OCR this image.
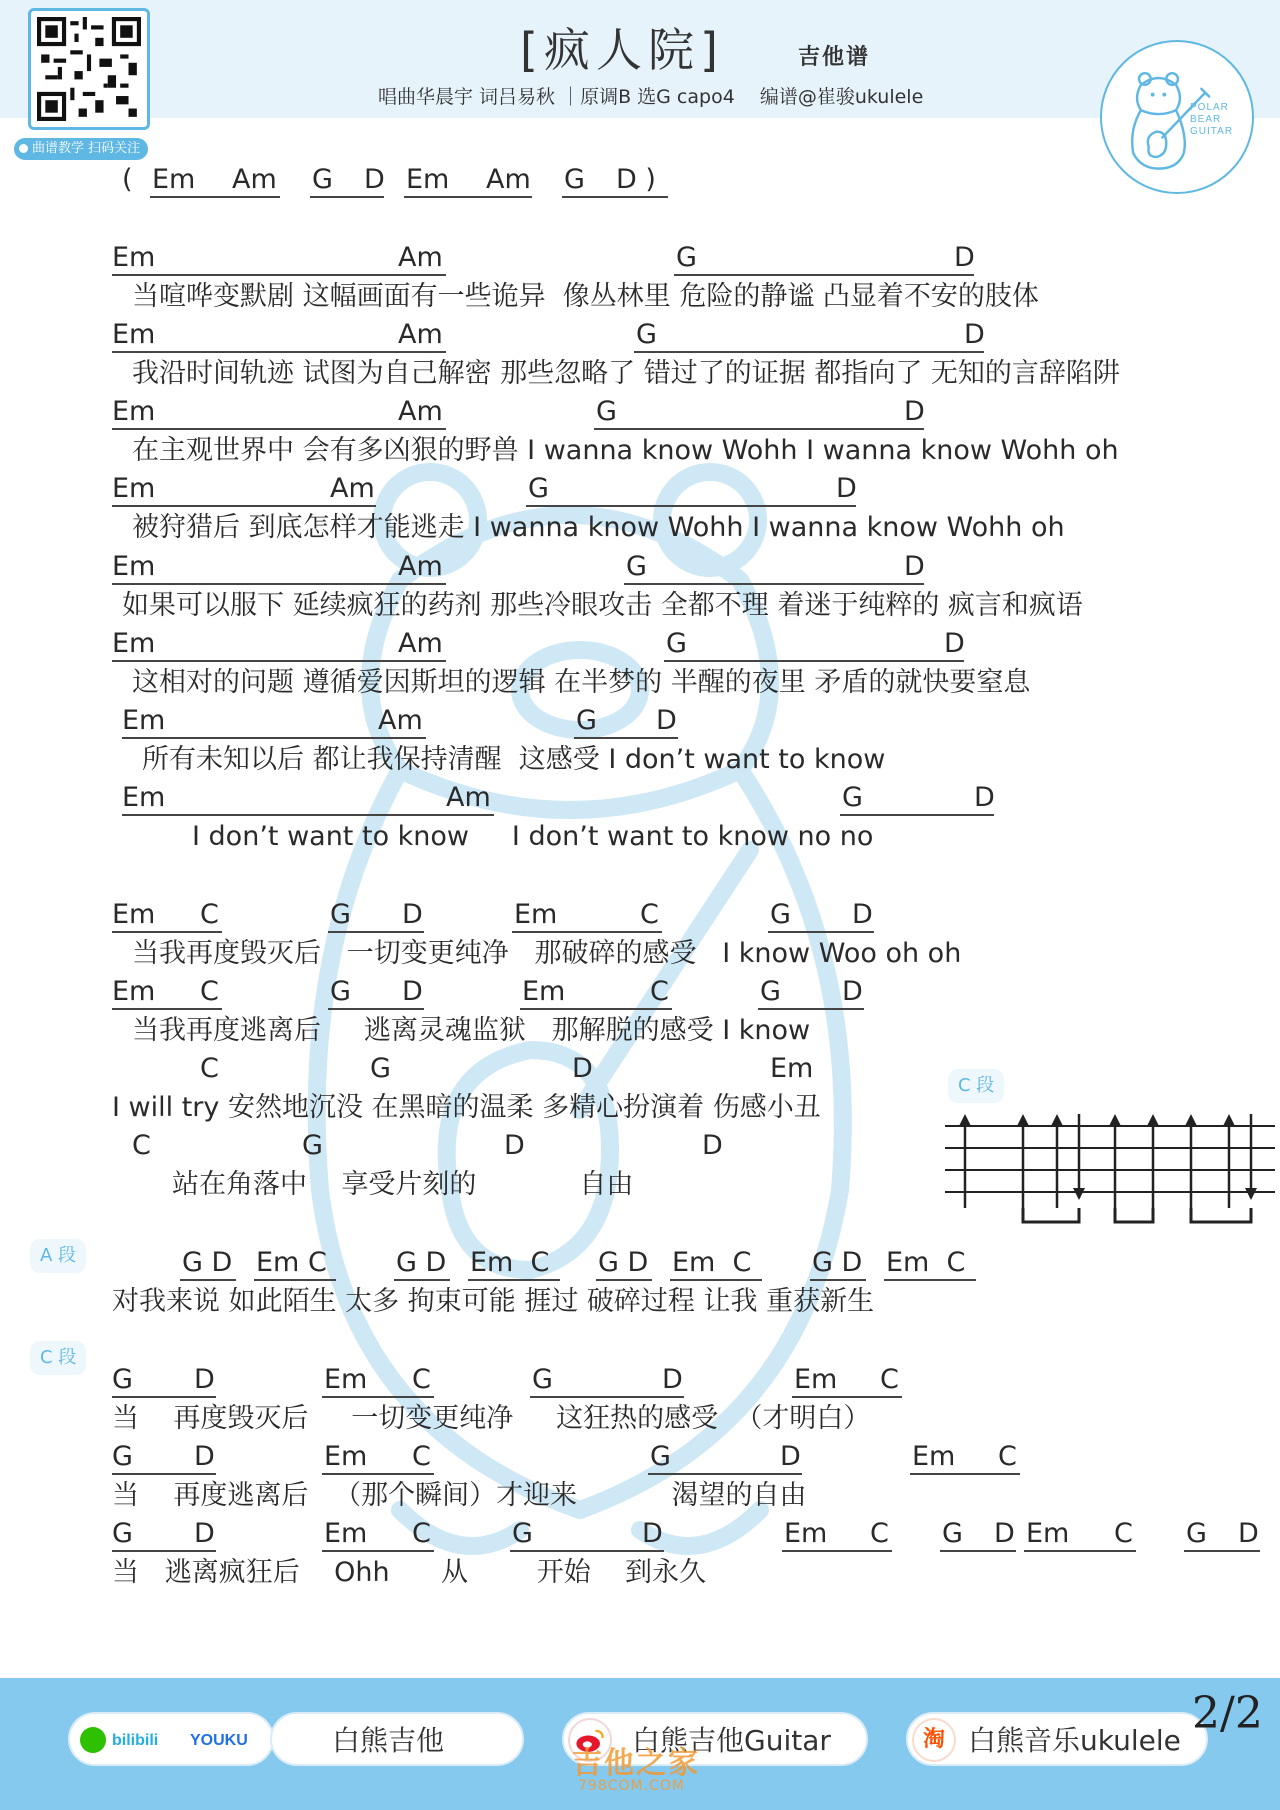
曲谱教学 扫码关注
[疯人院]	吉他谱
唱曲华晨宇 词吕易秋 ｜原调B 选G capo4　 编谱@崔骏ukulele	POLAR
BEAR
GUITAR
C 段
A 段
C 段
( Em Am G D Em Am G D )
Em	Am	G	D
当喧哗变默剧 这幅画面有一些诡异  像丛林里 危险的静谧 凸显着不安的肢体
Em	Am	G	D
我沿时间轨迹 试图为自己解密 那些忽略了 错过了的证据 都指向了 无知的言辞陷阱
Em	Am	G	D
在主观世界中 会有多凶狠的野兽 I wanna know Wohh I wanna know Wohh oh
Em	Am	G	D
被狩猎后 到底怎样才能逃走 I wanna know Wohh I wanna know Wohh oh
Em	Am	G	D
如果可以服下 延续疯狂的药剂 那些冷眼攻击 全都不理 着迷于纯粹的 疯言和疯语
Em	Am	G	D
这相对的问题 遵循爱因斯坦的逻辑 在半梦的 半醒的夜里 矛盾的就快要窒息
Em	Am	G D
所有未知以后 都让我保持清醒  这感受 I don’t want to know
Em	Am	G	D
I don’t want to know     I don’t want to know no no
Em C	G D	Em	C	G D
当我再度毁灭后   一切变更纯净   那破碎的感受   I know Woo oh oh
Em C	G D	Em	C	G D
当我再度逃离后     逃离灵魂监狱   那解脱的感受 I know
C	G	D	Em
I will try 安然地沉没 在黑暗的温柔 多精心扮演着 伤感小丑
C	G	D	D
站在角落中    享受片刻的            自由
G D Em C	G D Em  C G D Em  C G D Em  C
对我来说 如此陌生 太多 拘束可能 捱过 破碎过程 让我 重获新生
G D	Em C	G	D	Em C
当    再度毁灭后     一切变更纯净     这狂热的感受  （才明白）
G D	Em C	G	D	Em C
当    再度逃离后   （那个瞬间）才迎来           渴望的自由
G D	Em C	G	D	Em C G D Em C G D
当   逃离疯狂后    Ohh      从        开始    到永久
bilibili YOUKU	白熊吉他	白熊吉他Guitar	淘 白熊音乐ukulele
2/2
吉他之家
798COM.COM
